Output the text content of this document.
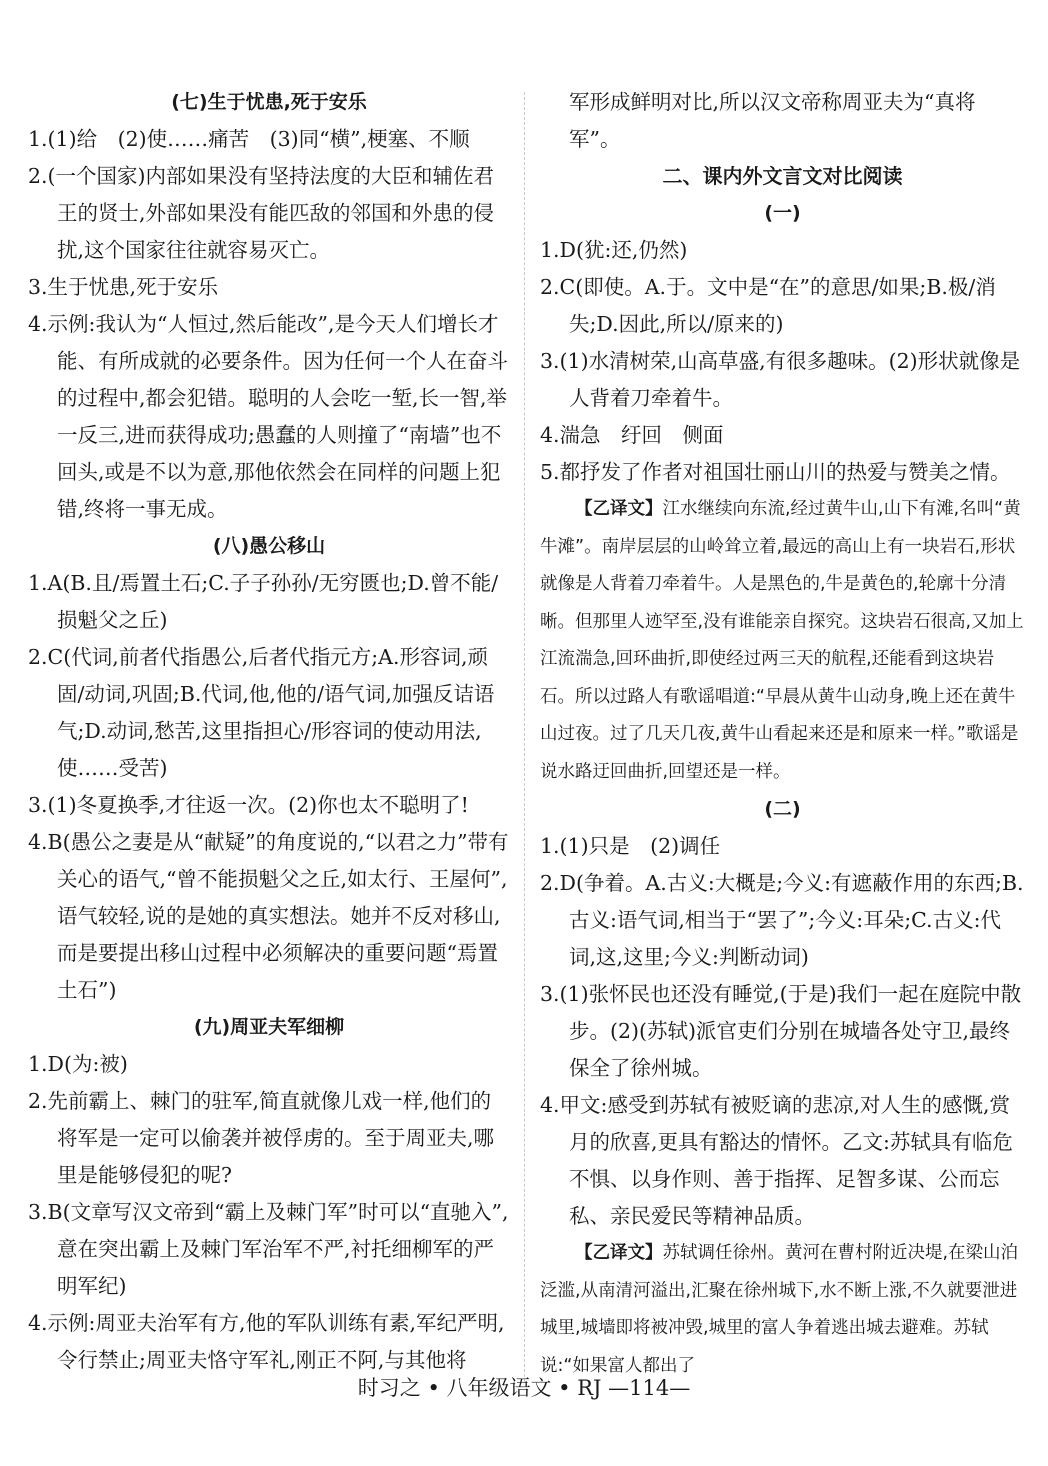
(七)生于忧患,死于安乐
1.(1)给　(2)使……痛苦　(3)同“横”,梗塞、不顺
2.(一个国家)内部如果没有坚持法度的大臣和辅佐君王的贤士,外部如果没有能匹敌的邻国和外患的侵扰,这个国家往往就容易灭亡。
3.生于忧患,死于安乐
4.示例:我认为“人恒过,然后能改”,是今天人们增长才能、有所成就的必要条件。因为任何一个人在奋斗的过程中,都会犯错。聪明的人会吃一堑,长一智,举一反三,进而获得成功;愚蠢的人则撞了“南墙”也不回头,或是不以为意,那他依然会在同样的问题上犯错,终将一事无成。
(八)愚公移山
1.A(B.且/焉置土石;C.子子孙孙/无穷匮也;D.曾不能/损魁父之丘)
2.C(代词,前者代指愚公,后者代指元方;A.形容词,顽固/动词,巩固;B.代词,他,他的/语气词,加强反诘语气;D.动词,愁苦,这里指担心/形容词的使动用法,使……受苦)
3.(1)冬夏换季,才往返一次。(2)你也太不聪明了!
4.B(愚公之妻是从“献疑”的角度说的,“以君之力”带有关心的语气,“曾不能损魁父之丘,如太行、王屋何”,语气较轻,说的是她的真实想法。她并不反对移山,而是要提出移山过程中必须解决的重要问题“焉置土石”)
(九)周亚夫军细柳
1.D(为:被)
2.先前霸上、棘门的驻军,简直就像儿戏一样,他们的将军是一定可以偷袭并被俘虏的。至于周亚夫,哪里是能够侵犯的呢?
3.B(文章写汉文帝到“霸上及棘门军”时可以“直驰入”,意在突出霸上及棘门军治军不严,衬托细柳军的严明军纪)
4.示例:周亚夫治军有方,他的军队训练有素,军纪严明,令行禁止;周亚夫恪守军礼,刚正不阿,与其他将
军形成鲜明对比,所以汉文帝称周亚夫为“真将军”。
二、课内外文言文对比阅读
(一)
1.D(犹:还,仍然)
2.C(即使。A.于。文中是“在”的意思/如果;B.极/消失;D.因此,所以/原来的)
3.(1)水清树荣,山高草盛,有很多趣味。(2)形状就像是人背着刀牵着牛。
4.湍急　纡回　侧面
5.都抒发了作者对祖国壮丽山川的热爱与赞美之情。
【乙译文】江水继续向东流,经过黄牛山,山下有滩,名叫“黄牛滩”。南岸层层的山岭耸立着,最远的高山上有一块岩石,形状就像是人背着刀牵着牛。人是黑色的,牛是黄色的,轮廓十分清晰。但那里人迹罕至,没有谁能亲自探究。这块岩石很高,又加上江流湍急,回环曲折,即使经过两三天的航程,还能看到这块岩石。所以过路人有歌谣唱道:“早晨从黄牛山动身,晚上还在黄牛山过夜。过了几天几夜,黄牛山看起来还是和原来一样。”歌谣是说水路迂回曲折,回望还是一样。
(二)
1.(1)只是　(2)调任
2.D(争着。A.古义:大概是;今义:有遮蔽作用的东西;B.古义:语气词,相当于“罢了”;今义:耳朵;C.古义:代词,这,这里;今义:判断动词)
3.(1)张怀民也还没有睡觉,(于是)我们一起在庭院中散步。(2)(苏轼)派官吏们分别在城墙各处守卫,最终保全了徐州城。
4.甲文:感受到苏轼有被贬谪的悲凉,对人生的感慨,赏月的欣喜,更具有豁达的情怀。乙文:苏轼具有临危不惧、以身作则、善于指挥、足智多谋、公而忘私、亲民爱民等精神品质。
【乙译文】苏轼调任徐州。黄河在曹村附近决堤,在梁山泊泛滥,从南清河溢出,汇聚在徐州城下,水不断上涨,不久就要泄进城里,城墙即将被冲毁,城里的富人争着逃出城去避难。苏轼说:“如果富人都出了
时习之 • 八年级语文 • RJ —114—
